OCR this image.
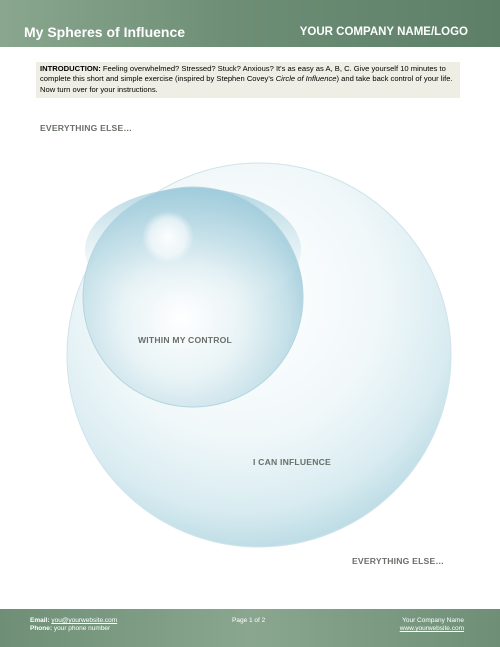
My Spheres of Influence	YOUR COMPANY NAME/LOGO
INTRODUCTION: Feeling overwhelmed? Stressed? Stuck? Anxious? It's as easy as A, B, C. Give yourself 10 minutes to complete this short and simple exercise (inspired by Stephen Covey's Circle of Influence) and take back control of your life. Now turn over for your instructions.
EVERYTHING ELSE…
WITHIN MY CONTROL
I CAN INFLUENCE
EVERYTHING ELSE…
Email: you@yourwebsite.com
Phone: your phone number
Page 1 of 2	Your Company Name
www.yourwebsite.com
